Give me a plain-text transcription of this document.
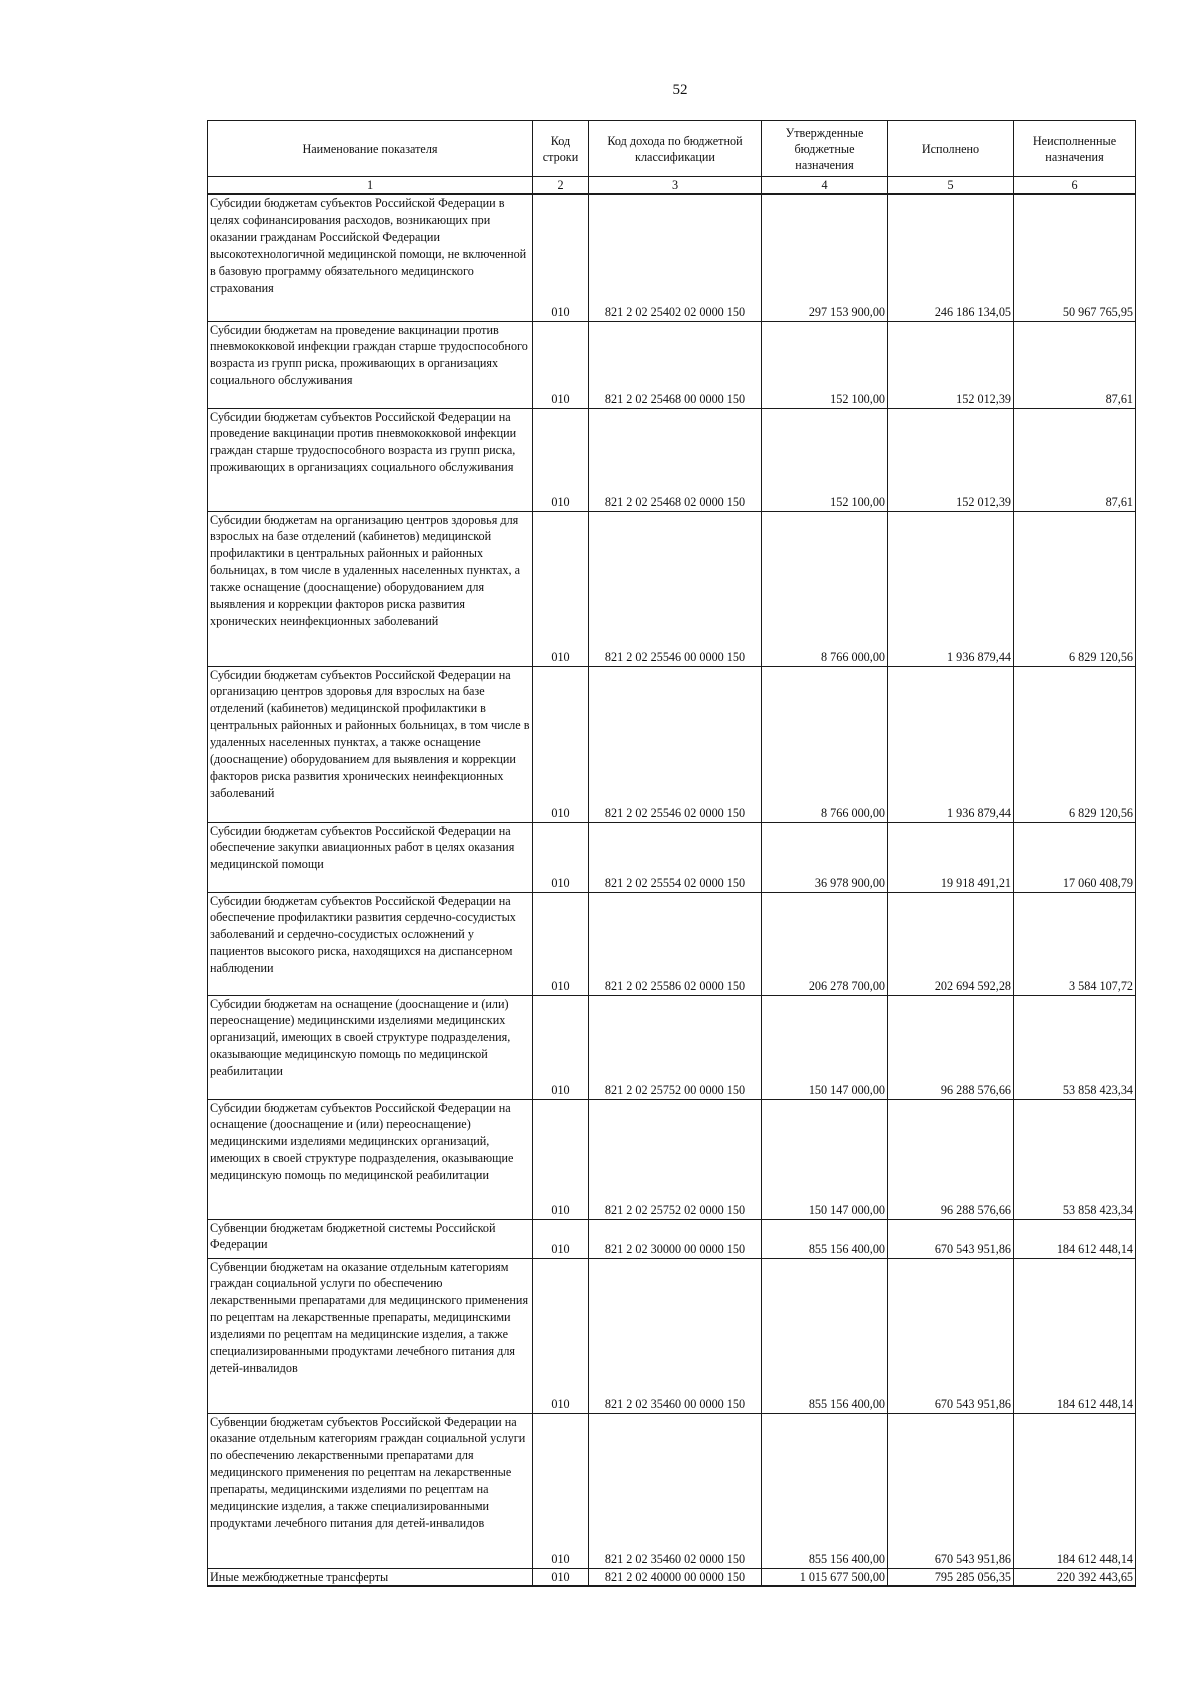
52
Наименование показателя	Код строки	Код дохода по бюджетной классификации	Утвержденные бюджетные назначения	Исполнено	Неисполненные назначения
1	2	3	4	5	6
Субсидии бюджетам субъектов Российской Федерации в целях софинансирования расходов, возникающих при оказании гражданам Российской Федерации высокотехнологичной медицинской помощи, не включенной в базовую программу обязательного медицинского страхования	010	821 2 02 25402 02 0000 150	297 153 900,00	246 186 134,05	50 967 765,95
Субсидии бюджетам на проведение вакцинации против пневмококковой инфекции граждан старше трудоспособного возраста из групп риска, проживающих в организациях социального обслуживания	010	821 2 02 25468 00 0000 150	152 100,00	152 012,39	87,61
Субсидии бюджетам субъектов Российской Федерации на проведение вакцинации против пневмококковой инфекции граждан старше трудоспособного возраста из групп риска, проживающих в организациях социального обслуживания	010	821 2 02 25468 02 0000 150	152 100,00	152 012,39	87,61
Субсидии бюджетам на организацию центров здоровья для взрослых на базе отделений (кабинетов) медицинской профилактики в центральных районных и районных больницах, в том числе в удаленных населенных пунктах, а также оснащение (дооснащение) оборудованием для выявления и коррекции факторов риска развития хронических неинфекционных заболеваний	010	821 2 02 25546 00 0000 150	8 766 000,00	1 936 879,44	6 829 120,56
Субсидии бюджетам субъектов Российской Федерации на организацию центров здоровья для взрослых на базе отделений (кабинетов) медицинской профилактики в центральных районных и районных больницах, в том числе в удаленных населенных пунктах, а также оснащение (дооснащение) оборудованием для выявления и коррекции факторов риска развития хронических неинфекционных заболеваний	010	821 2 02 25546 02 0000 150	8 766 000,00	1 936 879,44	6 829 120,56
Субсидии бюджетам субъектов Российской Федерации на обеспечение закупки авиационных работ в целях оказания медицинской помощи	010	821 2 02 25554 02 0000 150	36 978 900,00	19 918 491,21	17 060 408,79
Субсидии бюджетам субъектов Российской Федерации на обеспечение профилактики развития сердечно-сосудистых заболеваний и сердечно-сосудистых осложнений у пациентов высокого риска, находящихся на диспансерном наблюдении	010	821 2 02 25586 02 0000 150	206 278 700,00	202 694 592,28	3 584 107,72
Субсидии бюджетам на оснащение (дооснащение и (или) переоснащение) медицинскими изделиями медицинских организаций, имеющих в своей структуре подразделения, оказывающие медицинскую помощь по медицинской реабилитации	010	821 2 02 25752 00 0000 150	150 147 000,00	96 288 576,66	53 858 423,34
Субсидии бюджетам субъектов Российской Федерации на оснащение (дооснащение и (или) переоснащение) медицинскими изделиями медицинских организаций, имеющих в своей структуре подразделения, оказывающие медицинскую помощь по медицинской реабилитации	010	821 2 02 25752 02 0000 150	150 147 000,00	96 288 576,66	53 858 423,34
Субвенции бюджетам бюджетной системы Российской Федерации	010	821 2 02 30000 00 0000 150	855 156 400,00	670 543 951,86	184 612 448,14
Субвенции бюджетам на оказание отдельным категориям граждан социальной услуги по обеспечению лекарственными препаратами для медицинского применения по рецептам на лекарственные препараты, медицинскими изделиями по рецептам на медицинские изделия, а также специализированными продуктами лечебного питания для детей-инвалидов	010	821 2 02 35460 00 0000 150	855 156 400,00	670 543 951,86	184 612 448,14
Субвенции бюджетам субъектов Российской Федерации на оказание отдельным категориям граждан социальной услуги по обеспечению лекарственными препаратами для медицинского применения по рецептам на лекарственные препараты, медицинскими изделиями по рецептам на медицинские изделия, а также специализированными продуктами лечебного питания для детей-инвалидов	010	821 2 02 35460 02 0000 150	855 156 400,00	670 543 951,86	184 612 448,14
Иные межбюджетные трансферты	010	821 2 02 40000 00 0000 150	1 015 677 500,00	795 285 056,35	220 392 443,65
